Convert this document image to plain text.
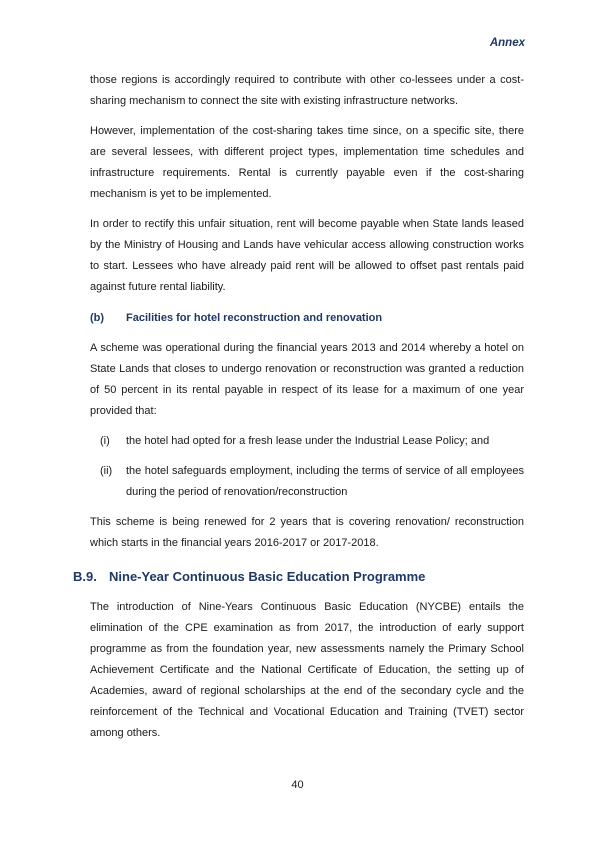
Annex

those regions is accordingly required to contribute with other co-lessees under a cost-sharing mechanism to connect the site with existing infrastructure networks.

However, implementation of the cost-sharing takes time since, on a specific site, there are several lessees, with different project types, implementation time schedules and infrastructure requirements. Rental is currently payable even if the cost-sharing mechanism is yet to be implemented.

In order to rectify this unfair situation, rent will become payable when State lands leased by the Ministry of Housing and Lands have vehicular access allowing construction works to start. Lessees who have already paid rent will be allowed to offset past rentals paid against future rental liability.

(b)	Facilities for hotel reconstruction and renovation

A scheme was operational during the financial years 2013 and 2014 whereby a hotel on State Lands that closes to undergo renovation or reconstruction was granted a reduction of 50 percent in its rental payable in respect of its lease for a maximum of one year provided that:

(i)	the hotel had opted for a fresh lease under the Industrial Lease Policy; and

(ii)	the hotel safeguards employment, including the terms of service of all employees during the period of renovation/reconstruction

This scheme is being renewed for 2 years that is covering renovation/ reconstruction which starts in the financial years 2016-2017 or 2017-2018.

B.9. Nine-Year Continuous Basic Education Programme

The introduction of Nine-Years Continuous Basic Education (NYCBE) entails the elimination of the CPE examination as from 2017, the introduction of early support programme as from the foundation year, new assessments namely the Primary School Achievement Certificate and the National Certificate of Education, the setting up of Academies, award of regional scholarships at the end of the secondary cycle and the reinforcement of the Technical and Vocational Education and Training (TVET) sector among others.

40
